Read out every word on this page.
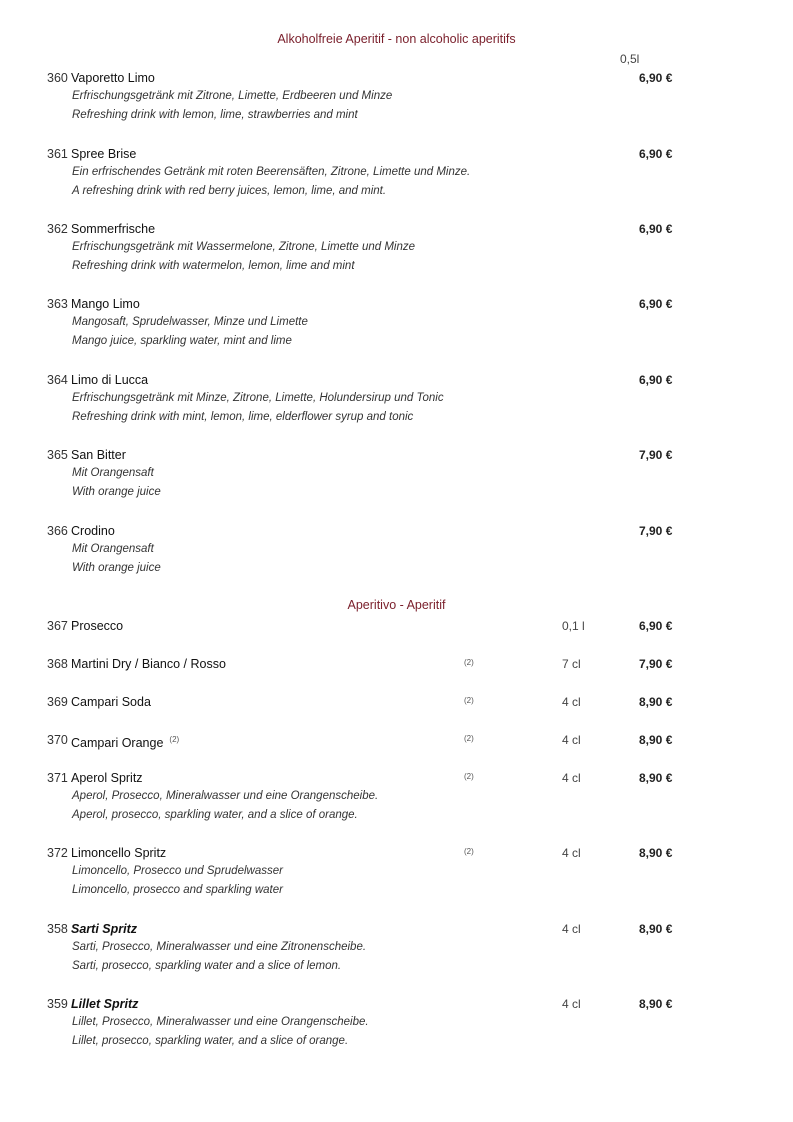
Alkoholfreie Aperitif - non alcoholic aperitifs
0,5l
360 Vaporetto Limo	6,90 €
Erfrischungsgetränk mit Zitrone, Limette, Erdbeeren und Minze
Refreshing drink with lemon, lime, strawberries and mint
361 Spree Brise	6,90 €
Ein erfrischendes Getränk mit roten Beerensäften, Zitrone, Limette und Minze.
A refreshing drink with red berry juices, lemon, lime, and mint.
362 Sommerfrische	6,90 €
Erfrischungsgetränk mit Wassermelone, Zitrone, Limette und Minze
Refreshing drink with watermelon, lemon, lime and mint
363 Mango Limo	6,90 €
Mangosaft, Sprudelwasser, Minze und Limette
Mango juice, sparkling water, mint and lime
364 Limo di Lucca	6,90 €
Erfrischungsgetränk mit Minze, Zitrone, Limette, Holundersirup und Tonic
Refreshing drink with mint, lemon, lime, elderflower syrup and tonic
365 San Bitter	7,90 €
Mit Orangensaft
With orange juice
366 Crodino	7,90 €
Mit Orangensaft
With orange juice
Aperitivo - Aperitif
367 Prosecco	0,1 l	6,90 €
368 Martini Dry / Bianco / Rosso	(2)	7 cl	7,90 €
369 Campari Soda	(2)	4 cl	8,90 €
370 Campari Orange $^{(2)}$	(2)	4 cl	8,90 €
371 Aperol Spritz	(2)	4 cl	8,90 €
Aperol, Prosecco, Mineralwasser und eine Orangenscheibe.
Aperol, prosecco, sparkling water, and a slice of orange.
372 Limoncello Spritz	(2)	4 cl	8,90 €
Limoncello, Prosecco und Sprudelwasser
Limoncello, prosecco and sparkling water
358 Sarti Spritz	4 cl	8,90 €
Sarti, Prosecco, Mineralwasser und eine Zitronenscheibe.
Sarti, prosecco, sparkling water and a slice of lemon.
359 Lillet Spritz	4 cl	8,90 €
Lillet, Prosecco, Mineralwasser und eine Orangenscheibe.
Lillet, prosecco, sparkling water, and a slice of orange.
